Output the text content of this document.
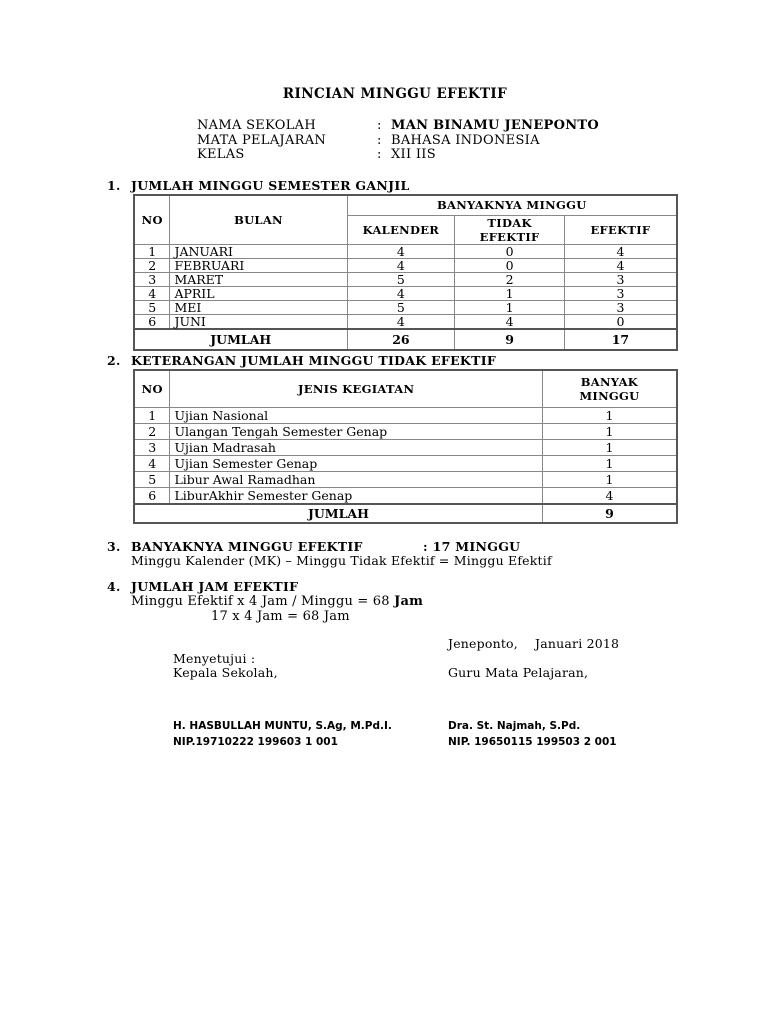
RINCIAN MINGGU EFEKTIF
NAMA SEKOLAH	: MAN BINAMU JENEPONTO
MATA PELAJARAN	: BAHASA INDONESIA
KELAS	: XII IIS
1. JUMLAH MINGGU SEMESTER GANJIL
NO	BULAN	BANYAKNYA MINGGU		
		KALENDER	TIDAK EFEKTIF	EFEKTIF
1	JANUARI	4	0	4
2	FEBRUARI	4	0	4
3	MARET	5	2	3
4	APRIL	4	1	3
5	MEI	5	1	3
6	JUNI	4	4	0
JUMLAH		26	9	17
2. KETERANGAN JUMLAH MINGGU TIDAK EFEKTIF
NO	JENIS KEGIATAN	BANYAK
MINGGU

1	Ujian Nasional	1
2	Ulangan Tengah Semester Genap	1
3	Ujian Madrasah	1
4	Ujian Semester Genap	1
5	Libur Awal Ramadhan	1
6	LiburAkhir Semester Genap	4
JUMLAH		9
3. BANYAKNYA MINGGU EFEKTIF	: 17 MINGGU
Minggu Kalender (MK) – Minggu Tidak Efektif = Minggu Efektif
4. JUMLAH JAM EFEKTIF
Minggu Efektif x 4 Jam / Minggu = 68 Jam
17 x 4 Jam = 68 Jam
Jeneponto, Januari 2018
Menyetujui :
Kepala Sekolah,	Guru Mata Pelajaran,
H. HASBULLAH MUNTU, S.Ag, M.Pd.I.
NIP.19710222 199603 1 001
Dra. St. Najmah, S.Pd.
NIP. 19650115 199503 2 001
